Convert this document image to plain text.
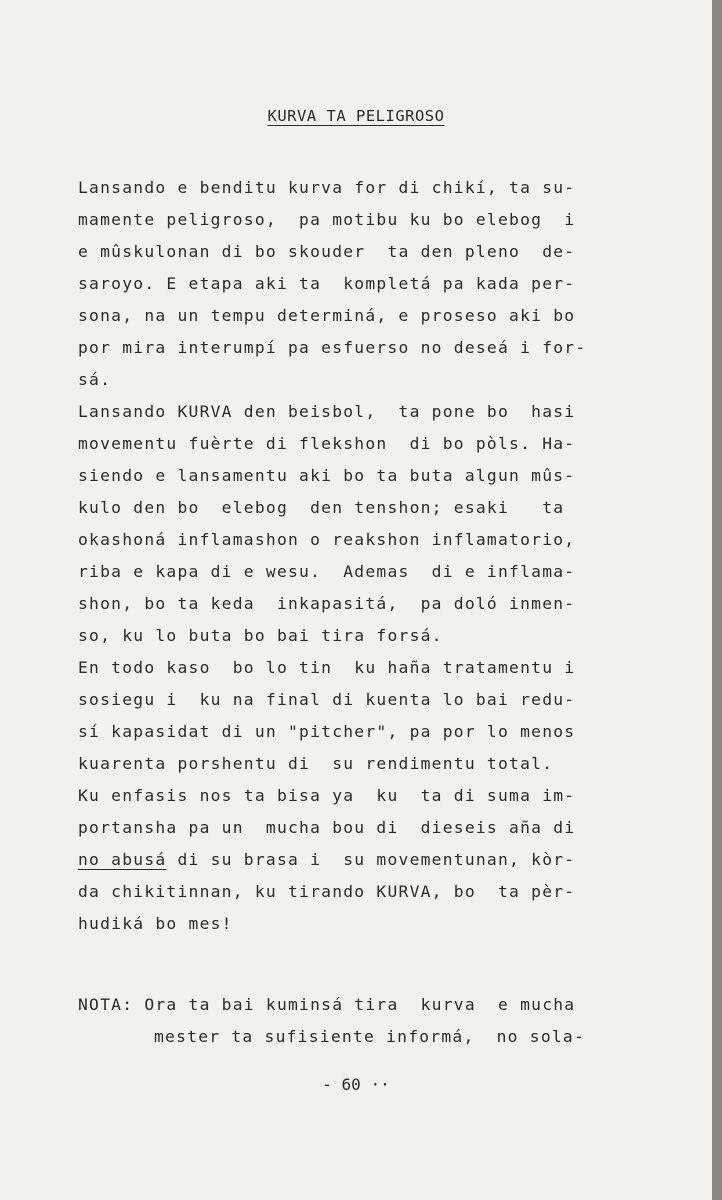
KURVA TA PELIGROSO
Lansando e benditu kurva for di chikí, ta su-
mamente peligroso,  pa motibu ku bo elebog  i
e mûskulonan di bo skouder  ta den pleno  de-
saroyo. E etapa aki ta  kompletá pa kada per-
sona, na un tempu determiná, e proseso aki bo
por mira interumpí pa esfuerso no deseá i for-
sá.
Lansando KURVA den beisbol,  ta pone bo  hasi
movementu fuèrte di flekshon  di bo pòls. Ha-
siendo e lansamentu aki bo ta buta algun mûs-
kulo den bo  elebog  den tenshon; esaki   ta
okashoná inflamashon o reakshon inflamatorio,
riba e kapa di e wesu.  Ademas  di e inflama-
shon, bo ta keda  inkapasitá,  pa doló inmen-
so, ku lo buta bo bai tira forsá.
En todo kaso  bo lo tin  ku haña tratamentu i
sosiegu i  ku na final di kuenta lo bai redu-
sí kapasidat di un "pitcher", pa por lo menos
kuarenta porshentu di  su rendimentu total.
Ku enfasis nos ta bisa ya  ku  ta di suma im-
portansha pa un  mucha bou di  dieseis aña di
no abusá di su brasa i  su movementunan, kòr-
da chikitinnan, ku tirando KURVA, bo  ta pèr-
hudiká bo mes!
NOTA: Ora ta bai kuminsá tira  kurva  e mucha
mester ta sufisiente informá,  no sola-
- 60 ··
